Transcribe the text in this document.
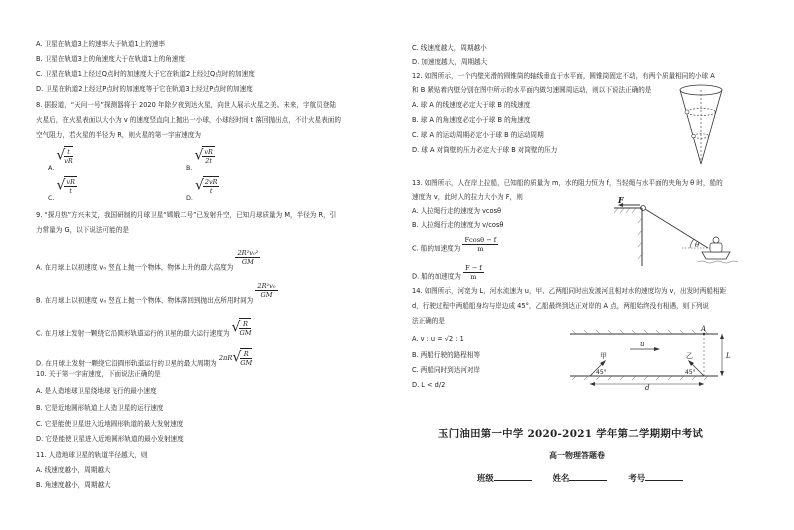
A. 卫星在轨道3上的速率大于轨道1上的速率
B. 卫星在轨道3上的角速度大于在轨道1上的角速度
C. 卫星在轨道1上经过Q点时的加速度大于它在轨道2上经过Q点时的加速度
D. 卫星在轨道2上经过P点时的加速度等于它在轨道3上经过P点时的加速度
8. 据报道，“天问一号”探测器将于 2020 年除夕夜到达火星，向世人展示火星之美。未来，宇航员登陆
火星后，在火星表面以大小为 v 的速度竖直向上抛出一小球，小球经时间 t 落回抛出点，不计火星表面的
空气阻力，若火星的半径为 R，则火星的第一宇宙速度为
A. √ $\frac{t}{vR}$
B. √ $\frac{vR}{2t}$
C. √ $\frac{vR}{t}$
D. √ $\frac{2vR}{t}$
9. “探月热”方兴未艾，我国研制的月球卫星“嫦娥二号”已发射升空，已知月球质量为 M，半径为 R，引
力常量为 G，以下说法可能的是
A. 在月球上以初速度 v₀ 竖直上抛一个物体，物体上升的最大高度为
$\frac{\text{2R²v₀²}}{GM}$
B. 在月球上以初速度 v₀ 竖直上抛一个物体，物体落回到抛出点所用时间为
$\frac{\text{2R²v₀}}{GM}$
C. 在月球上发射一颗绕它沿圆形轨道运行的卫星的最大运行速度为 √ $\frac{R}{GM}$
D. 在月球上发射一颗绕它沿圆形轨道运行的卫星的最大周期为 $2\pi R√ \frac{R}{GM}$
10. 关于第一宇宙速度，下面说法正确的是
A. 是人造地球卫星绕地球飞行的最小速度
B. 它是近地圆形轨道上人造卫星的运行速度
C. 它是能使卫星进入近地圆形轨道的最大发射速度
D. 它是能使卫星进入近地圆形轨道的最小发射速度
11. 人造地球卫星的轨道半径越大，则
A. 线速度越小，周期越大
B. 角速度越小，周期越大
C. 线速度越大，周期越小
D. 加速度越大，周期越大
12. 如图所示，一个内壁光滑的圆锥筒的轴线垂直于水平面，圆锥筒固定不动，有两个质量相同的小球 A
和 B 紧贴着内壁分别在图中所示的水平面内做匀速圆周运动，则以下说法正确的是
A. 球 A 的线速度必定大于球 B 的线速度
B. 球 A 的角速度必定小于球 B 的角速度
C. 球 A 的运动周期必定小于球 B 的运动周期
D. 球 A 对筒壁的压力必定大于球 B 对筒壁的压力
13. 如图所示，人在岸上拉船，已知船的质量为 m，水的阻力恒为 f，当轻绳与水平面的夹角为 θ 时，船的
速度为 v，此时人的拉力大小为 F，则
A. 人拉绳行走的速度为 vcosθ
B. 人拉绳行走的速度为 v/cosθ
C. 船的加速度为 $\frac{Fcos\theta - f}{m}$
D. 船的加速度为 $\frac{F - f}{m}$
14. 如图所示，河宽为 L，河水流速为 u，甲、乙两船同时出发渡河且相对水的速度均为 v，出发时两船相距
d，行驶过程中两船船身均与岸边成 45°，乙船最终到达正对岸的 A 点，两船始终没有相遇，则下列说
法正确的是
A. v : u = √2 : 1
B. 两船行驶的路程相等
C. 两船同时到达河对岸
D. L < d/2
F
θ
A
u
甲	乙
45°	45°
L
d
玉门油田第一中学 2020-2021 学年第二学期期中考试
高一物理答题卷
班级	姓名	考号
